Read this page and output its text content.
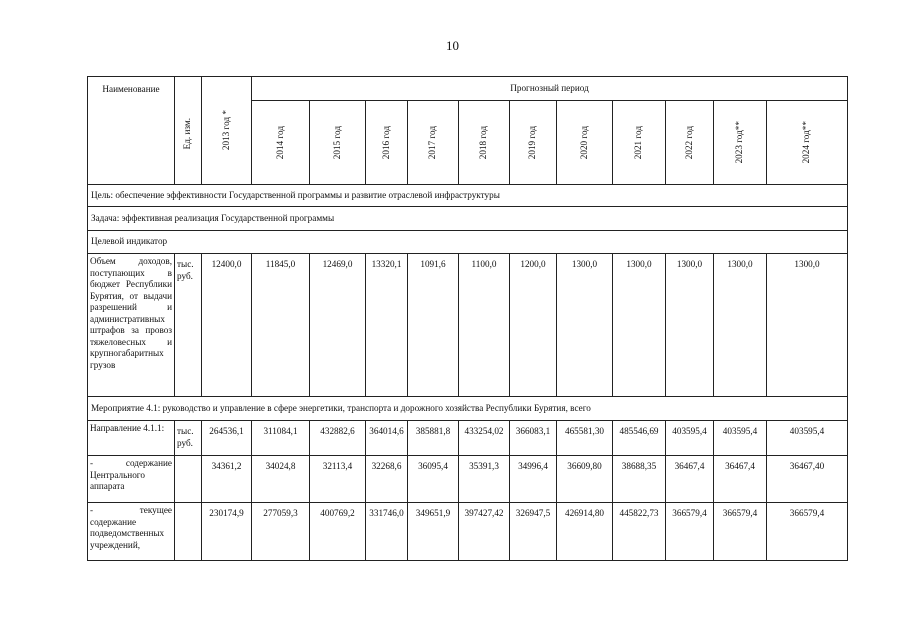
10
Наименование	Ед. изм.	2013 год *	Прогнозный период										

			2014 год	2015 год	2016 год	2017 год	2018 год	2019 год	2020 год	2021 год	2022 год	2023 год**	2024 год**

Цель: обеспечение эффективности Государственной программы и развитие отраслевой инфраструктуры													
Задача: эффективная реализация Государственной программы													
Целевой индикатор													
Объем доходов, поступающих в бюджет Республики Бурятия, от выдачи разрешений и административных штрафов за провоз тяжеловесных и крупногабаритных грузов	тыс. руб.	12400,0	11845,0	12469,0	13320,1	1091,6	1100,0	1200,0	1300,0	1300,0	1300,0	1300,0	1300,0
Мероприятие 4.1: руководство и управление в сфере энергетики, транспорта и дорожного хозяйства Республики Бурятия, всего													
Направление 4.1.1:	тыс. руб.	264536,1	311084,1	432882,6	364014,6	385881,8	433254,02	366083,1	465581,30	485546,69	403595,4	403595,4	403595,4
- содержание Центрального аппарата		34361,2	34024,8	32113,4	32268,6	36095,4	35391,3	34996,4	36609,80	38688,35	36467,4	36467,4	36467,40
- текущее содержание подведомственных учреждений,		230174,9	277059,3	400769,2	331746,0	349651,9	397427,42	326947,5	426914,80	445822,73	366579,4	366579,4	366579,4
